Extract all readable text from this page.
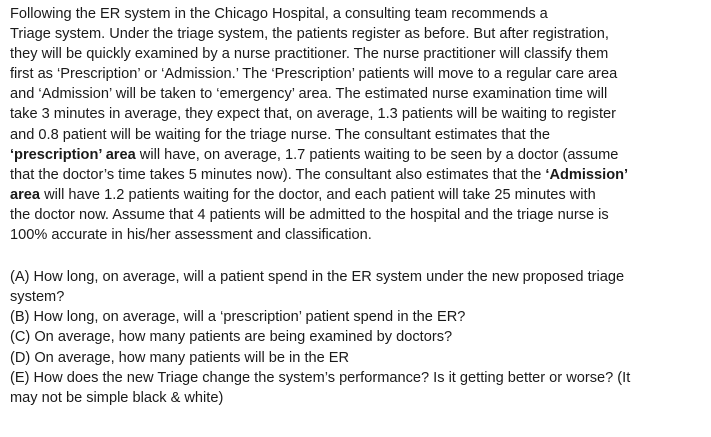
Following the ER system in the Chicago Hospital, a consulting team recommends a
Triage system. Under the triage system, the patients register as before. But after registration,
they will be quickly examined by a nurse practitioner. The nurse practitioner will classify them
first as ‘Prescription’ or ‘Admission.’ The ‘Prescription’ patients will move to a regular care area
and ‘Admission’ will be taken to ‘emergency’ area. The estimated nurse examination time will
take 3 minutes in average, they expect that, on average, 1.3 patients will be waiting to register
and 0.8 patient will be waiting for the triage nurse. The consultant estimates that the
‘prescription’ area will have, on average, 1.7 patients waiting to be seen by a doctor (assume
that the doctor’s time takes 5 minutes now). The consultant also estimates that the ‘Admission’
area will have 1.2 patients waiting for the doctor, and each patient will take 25 minutes with
the doctor now. Assume that 4 patients will be admitted to the hospital and the triage nurse is
100% accurate in his/her assessment and classification.
(A) How long, on average, will a patient spend in the ER system under the new proposed triage
system?
(B) How long, on average, will a ‘prescription’ patient spend in the ER?
(C) On average, how many patients are being examined by doctors?
(D) On average, how many patients will be in the ER
(E) How does the new Triage change the system’s performance? Is it getting better or worse? (It
may not be simple black & white)
